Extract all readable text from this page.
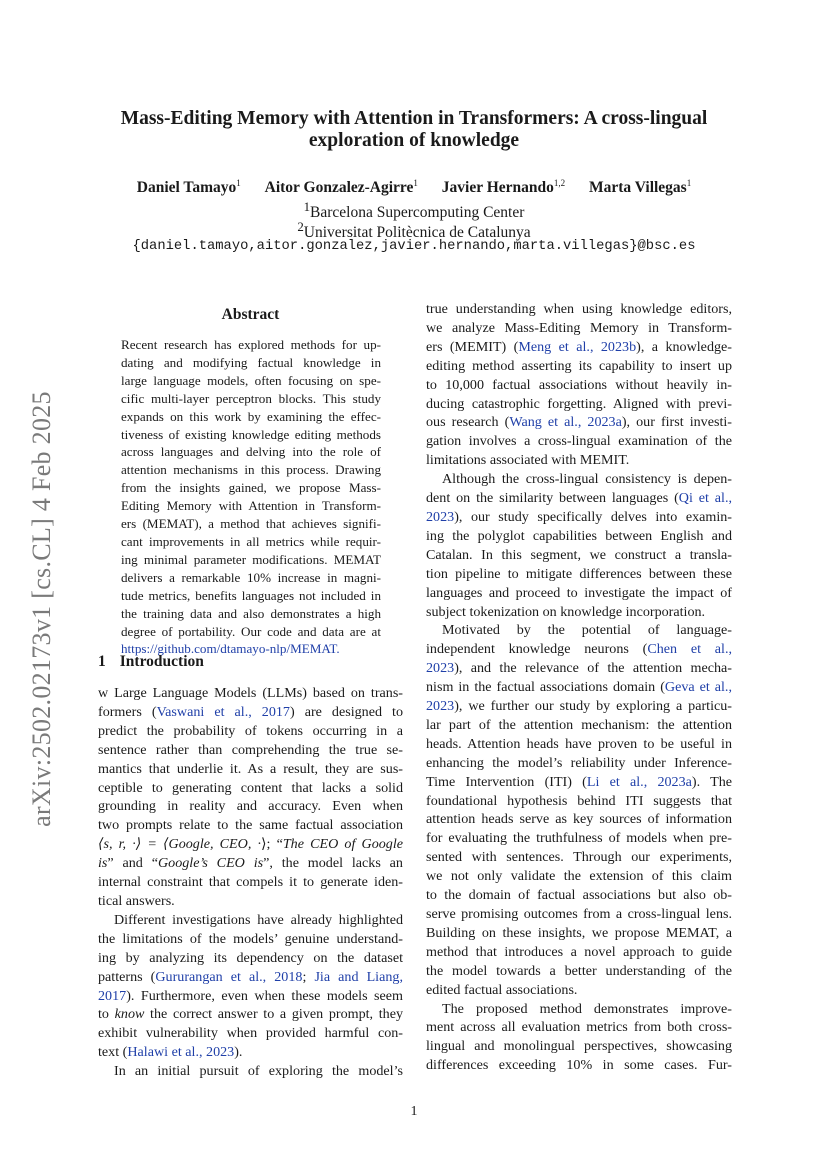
arXiv:2502.02173v1 [cs.CL] 4 Feb 2025
Mass-Editing Memory with Attention in Transformers: A cross-lingual
exploration of knowledge
Daniel Tamayo$^1$ Aitor Gonzalez-Agirre$^1$ Javier Hernando$^{1,2}$ Marta Villegas$^1$
$^1$Barcelona Supercomputing Center
$^2$Universitat Politècnica de Catalunya
{daniel.tamayo,aitor.gonzalez,javier.hernando,marta.villegas}@bsc.es
Abstract
Recent research has explored methods for up-
dating and modifying factual knowledge in
large language models, often focusing on spe-
cific multi-layer perceptron blocks. This study
expands on this work by examining the effec-
tiveness of existing knowledge editing methods
across languages and delving into the role of
attention mechanisms in this process. Drawing
from the insights gained, we propose Mass-
Editing Memory with Attention in Transform-
ers (MEMAT), a method that achieves signifi-
cant improvements in all metrics while requir-
ing minimal parameter modifications. MEMAT
delivers a remarkable 10% increase in magni-
tude metrics, benefits languages not included in
the training data and also demonstrates a high
degree of portability. Our code and data are at
https://github.com/dtamayo-nlp/MEMAT.
1 Introduction
w Large Language Models (LLMs) based on trans-
formers (Vaswani et al., 2017) are designed to
predict the probability of tokens occurring in a
sentence rather than comprehending the true se-
mantics that underlie it. As a result, they are sus-
ceptible to generating content that lacks a solid
grounding in reality and accuracy. Even when
two prompts relate to the same factual association
⟨s, r, ·⟩ = ⟨Google, CEO, ·⟩; “The CEO of Google
is” and “Google’s CEO is”, the model lacks an
internal constraint that compels it to generate iden-
tical answers.
Different investigations have already highlighted
the limitations of the models’ genuine understand-
ing by analyzing its dependency on the dataset
patterns (Gururangan et al., 2018; Jia and Liang,
2017). Furthermore, even when these models seem
to know the correct answer to a given prompt, they
exhibit vulnerability when provided harmful con-
text (Halawi et al., 2023).
In an initial pursuit of exploring the model’s
true understanding when using knowledge editors,
we analyze Mass-Editing Memory in Transform-
ers (MEMIT) (Meng et al., 2023b), a knowledge-
editing method asserting its capability to insert up
to 10,000 factual associations without heavily in-
ducing catastrophic forgetting. Aligned with previ-
ous research (Wang et al., 2023a), our first investi-
gation involves a cross-lingual examination of the
limitations associated with MEMIT.
Although the cross-lingual consistency is depen-
dent on the similarity between languages (Qi et al.,
2023), our study specifically delves into examin-
ing the polyglot capabilities between English and
Catalan. In this segment, we construct a transla-
tion pipeline to mitigate differences between these
languages and proceed to investigate the impact of
subject tokenization on knowledge incorporation.
Motivated by the potential of language-
independent knowledge neurons (Chen et al.,
2023), and the relevance of the attention mecha-
nism in the factual associations domain (Geva et al.,
2023), we further our study by exploring a particu-
lar part of the attention mechanism: the attention
heads. Attention heads have proven to be useful in
enhancing the model’s reliability under Inference-
Time Intervention (ITI) (Li et al., 2023a). The
foundational hypothesis behind ITI suggests that
attention heads serve as key sources of information
for evaluating the truthfulness of models when pre-
sented with sentences. Through our experiments,
we not only validate the extension of this claim
to the domain of factual associations but also ob-
serve promising outcomes from a cross-lingual lens.
Building on these insights, we propose MEMAT, a
method that introduces a novel approach to guide
the model towards a better understanding of the
edited factual associations.
The proposed method demonstrates improve-
ment across all evaluation metrics from both cross-
lingual and monolingual perspectives, showcasing
differences exceeding 10% in some cases. Fur-
1
